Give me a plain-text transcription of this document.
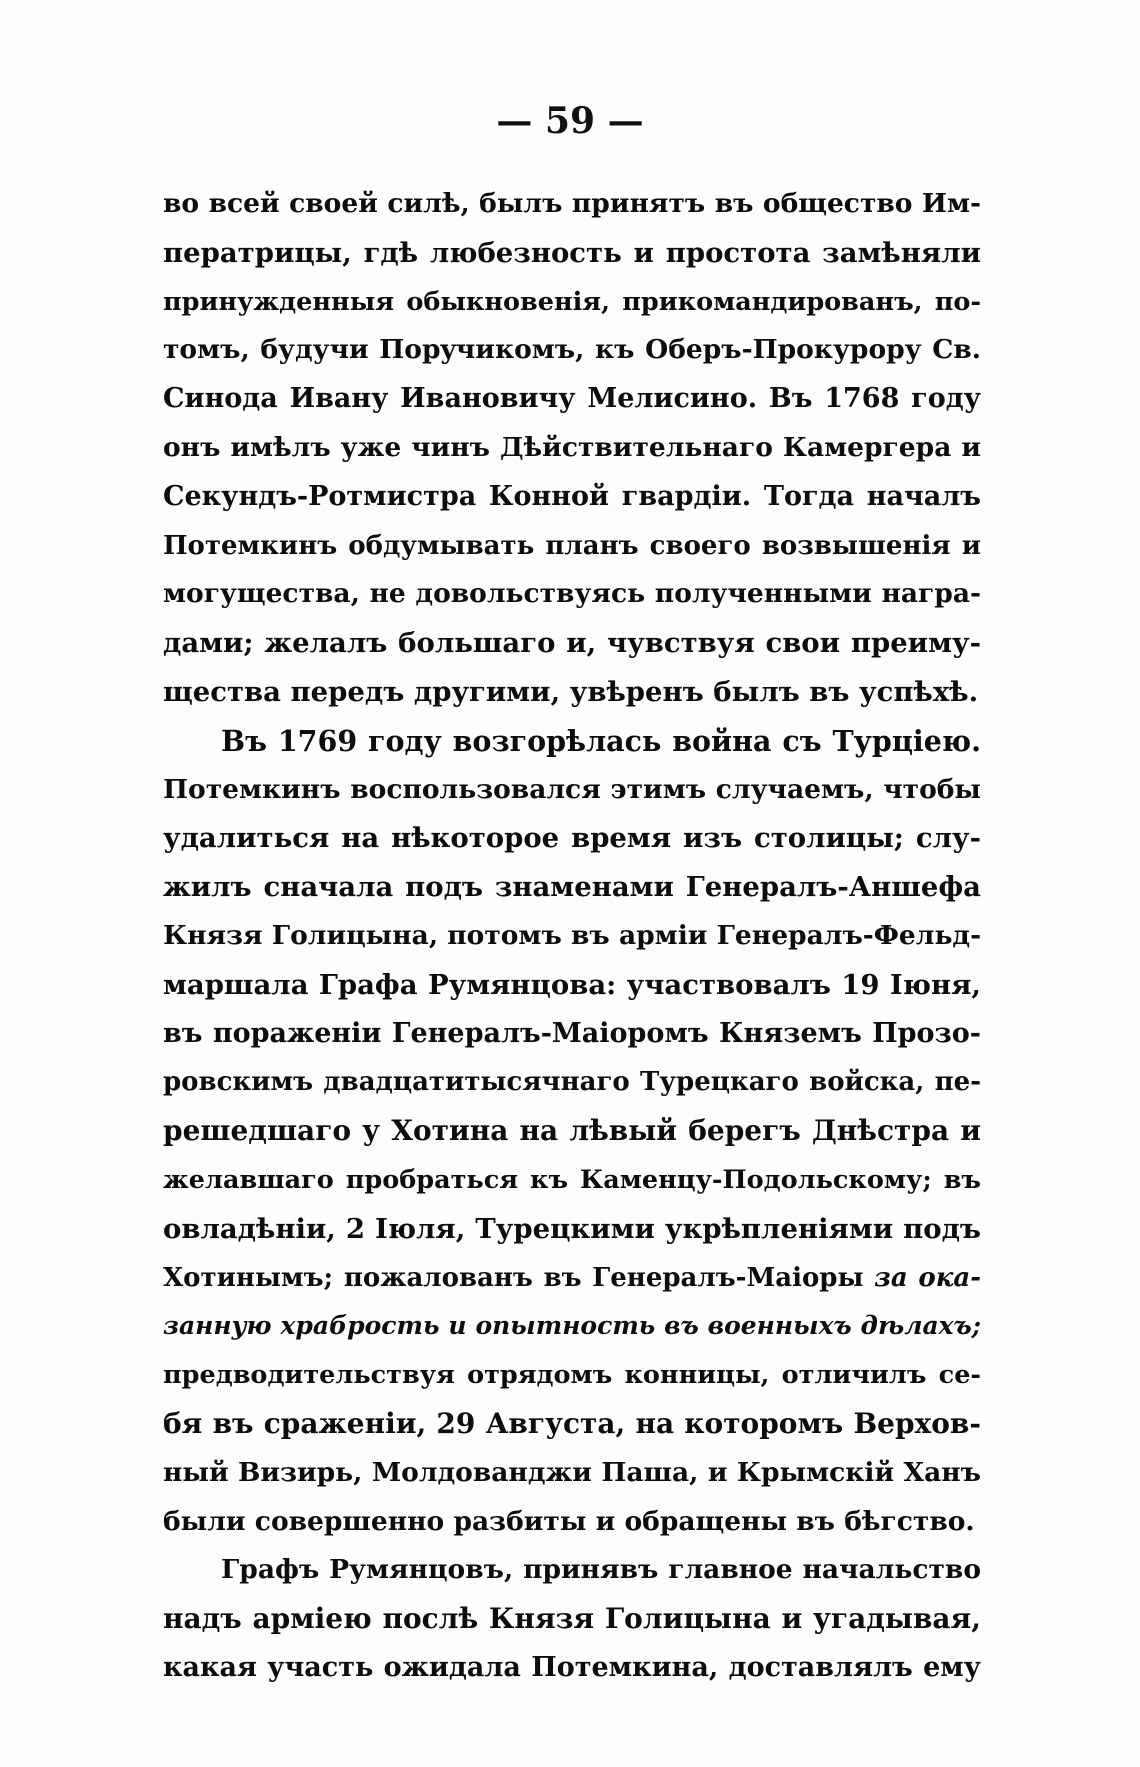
— 59 —
во всей своей силѣ, былъ принятъ въ общество Им-
ператрицы, гдѣ любезность и простота замѣняли
принужденныя обыкновенія, прикомандированъ, по-
томъ, будучи Порyчикомъ, къ Оберъ-Прокурору Св.
Синода Ивану Ивановичу Мелисино. Въ 1768 году
онъ имѣлъ уже чинъ Дѣйствительнаго Камергера и
Секундъ-Ротмистра Конной гвардіи. Тогда началъ
Потемкинъ обдумывать планъ своего возвышенія и
могущества, не довольствуясь полученными награ-
дами; желалъ большаго и, чувствуя свои преиму-
щества передъ другими, увѣренъ былъ въ успѣхѣ.
Въ 1769 году возгорѣлась война съ Турціею.
Потемкинъ воспользовался этимъ случаемъ, чтобы
удалиться на нѣкоторое время изъ столицы; слу-
жилъ сначала подъ знаменами Генералъ-Аншефа
Князя Голицына, потомъ въ арміи Генералъ-Фельд-
маршала Графа Румянцова: участвовалъ 19 Іюня,
въ пораженіи Генералъ-Маіоромъ Княземъ Прозо-
ровскимъ двадцатитысячнаго Турецкаго войска, пе-
решедшаго у Хотина на лѣвый берегъ Днѣстра и
желавшаго пробраться къ Каменцу-Подольскому; въ
овладѣніи, 2 Іюля, Турецкими укрѣпленіями подъ
Хотинымъ; пожалованъ въ Генералъ-Маіоры за ока-
занную храбрость и опытность въ военныхъ дѣлахъ;
предводительствуя отрядомъ конницы, отличилъ се-
бя въ сраженіи, 29 Августа, на которомъ Верхов-
ный Визирь, Молдованджи Паша, и Крымскій Ханъ
были совершенно разбиты и обращены въ бѣгство.
Графъ Румянцовъ, принявъ главное начальство
надъ арміею послѣ Князя Голицына и угадывая,
какая участь ожидала Потемкина, доставлялъ ему
